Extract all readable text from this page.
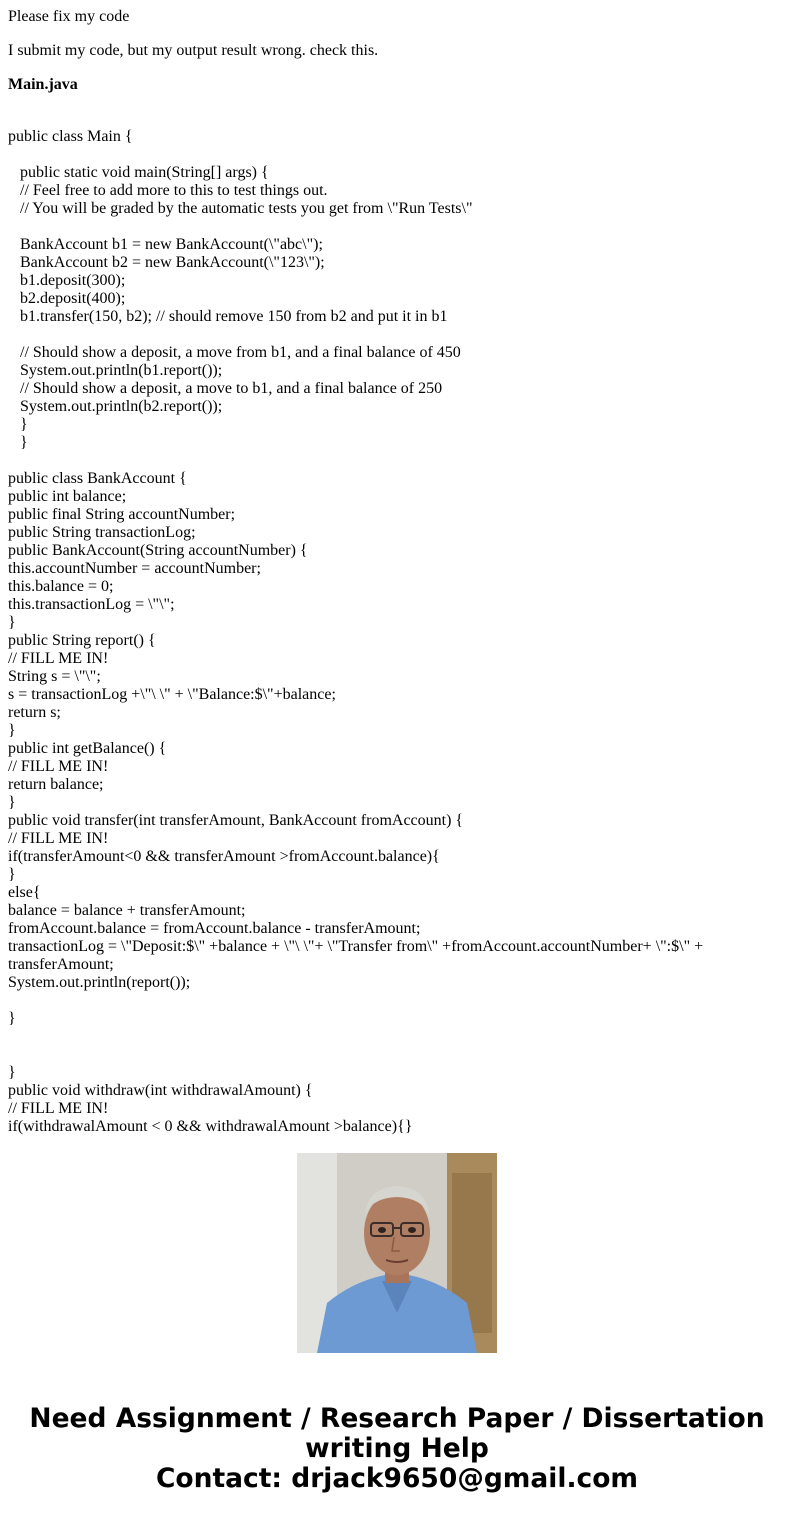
Please fix my code

I submit my code, but my output result wrong. check this.

Main.java

public class Main {
public static void main(String[] args) {
// Feel free to add more to this to test things out.
// You will be graded by the automatic tests you get from \"Run Tests\"
BankAccount b1 = new BankAccount(\"abc\");
BankAccount b2 = new BankAccount(\"123\");
b1.deposit(300);
b2.deposit(400);
b1.transfer(150, b2); // should remove 150 from b2 and put it in b1
// Should show a deposit, a move from b1, and a final balance of 450
System.out.println(b1.report());
// Should show a deposit, a move to b1, and a final balance of 250
System.out.println(b2.report());
}
}
public class BankAccount {
public int balance;
public final String accountNumber;
public String transactionLog;
public BankAccount(String accountNumber) {
this.accountNumber = accountNumber;
this.balance = 0;
this.transactionLog = \"\";
}
public String report() {
// FILL ME IN!
String s = \"\";
s = transactionLog +\"\ \" + \"Balance:$\"+balance;
return s;
}
public int getBalance() {
// FILL ME IN!
return balance;
}
public void transfer(int transferAmount, BankAccount fromAccount) {
// FILL ME IN!
if(transferAmount<0 && transferAmount >fromAccount.balance){
}
else{
balance = balance + transferAmount;
fromAccount.balance = fromAccount.balance - transferAmount;
transactionLog = \"Deposit:$\" +balance + \"\ \"+ \"Transfer from\" +fromAccount.accountNumber+ \":$\" + transferAmount;
System.out.println(report());
}
}
public void withdraw(int withdrawalAmount) {
// FILL ME IN!
if(withdrawalAmount < 0 && withdrawalAmount >balance){}
Need Assignment / Research Paper / Dissertation
writing Help
Contact: drjack9650@gmail.com
